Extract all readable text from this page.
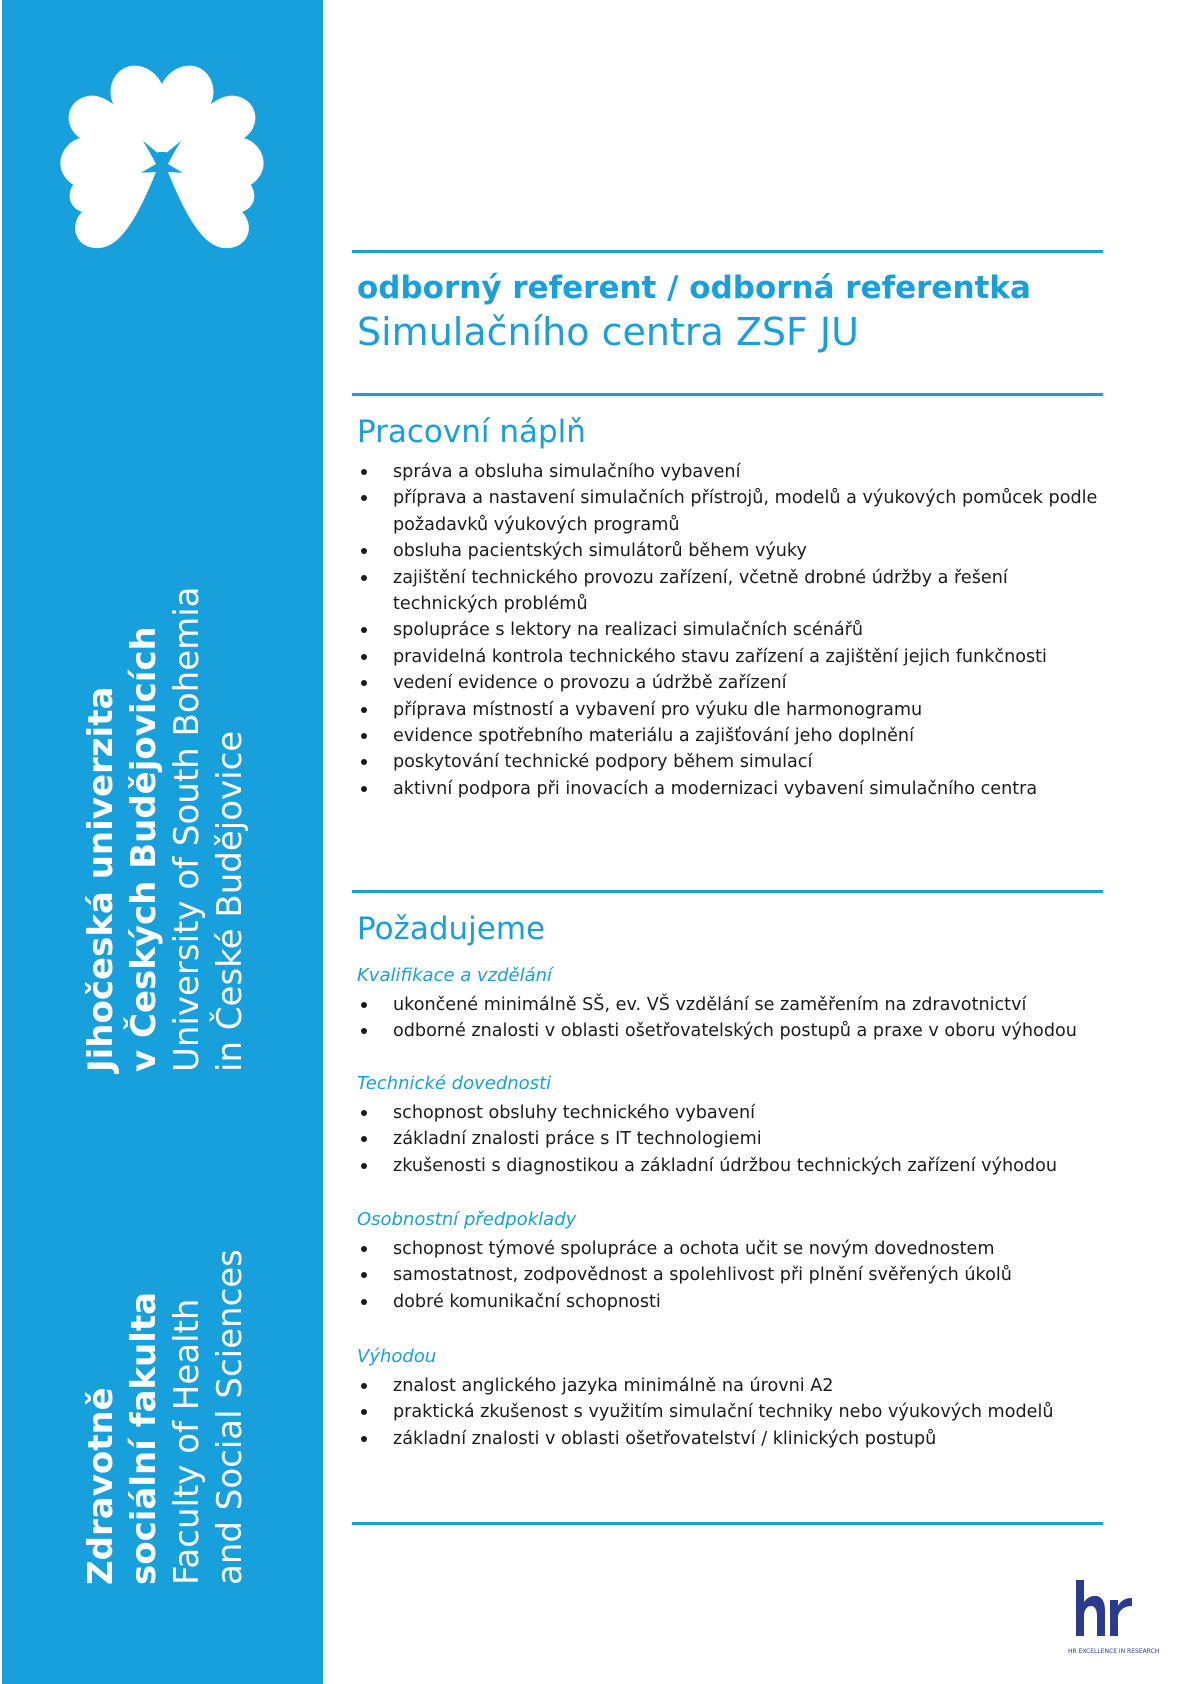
Zdravotně sociální fakulta
Jihočeská univerzita v Českých Budějovicích
Faculty of Health and Social Sciences
University of South Bohemia in České Budějovice
odborný referent / odborná referentka
Simulačního centra ZSF JU
Pracovní náplň
správa a obsluha simulačního vybavení
příprava a nastavení simulačních přístrojů, modelů a výukových pomůcek podle požadavků výukových programů
obsluha pacientských simulátorů během výuky
zajištění technického provozu zařízení, včetně drobné údržby a řešení technických problémů
spolupráce s lektory na realizaci simulačních scénářů
pravidelná kontrola technického stavu zařízení a zajištění jejich funkčnosti
vedení evidence o provozu a údržbě zařízení
příprava místností a vybavení pro výuku dle harmonogramu
evidence spotřebního materiálu a zajišťování jeho doplnění
poskytování technické podpory během simulací
aktivní podpora při inovacích a modernizaci vybavení simulačního centra
Požadujeme
Kvalifikace a vzdělání
ukončené minimálně SŠ, ev. VŠ vzdělání se zaměřením na zdravotnictví
odborné znalosti v oblasti ošetřovatelských postupů a praxe v oboru výhodou
Technické dovednosti
schopnost obsluhy technického vybavení
základní znalosti práce s IT technologiemi
zkušenosti s diagnostikou a základní údržbou technických zařízení výhodou
Osobnostní předpoklady
schopnost týmové spolupráce a ochota učit se novým dovednostem
samostatnost, zodpovědnost a spolehlivost při plnění svěřených úkolů
dobré komunikační schopnosti
Výhodou
znalost anglického jazyka minimálně na úrovni A2
praktická zkušenost s využitím simulační techniky nebo výukových modelů
základní znalosti v oblasti ošetřovatelství / klinických postupů
HR EXCELLENCE IN RESEARCH
